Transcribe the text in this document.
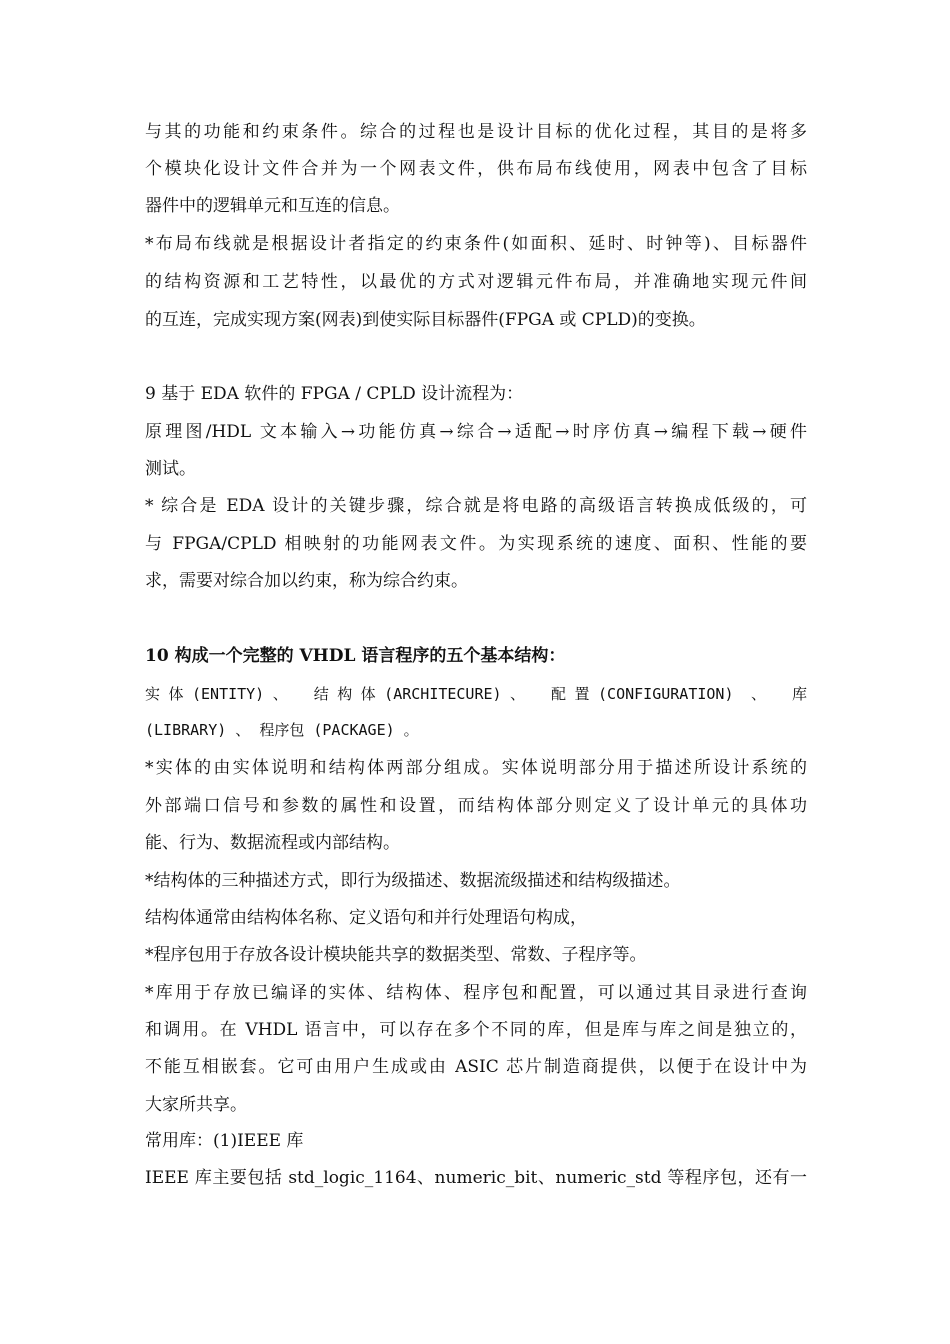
与其的功能和约束条件。综合的过程也是设计目标的优化过程，其目的是将多
个模块化设计文件合并为一个网表文件，供布局布线使用，网表中包含了目标
器件中的逻辑单元和互连的信息。
*布局布线就是根据设计者指定的约束条件(如面积、延时、时钟等)、目标器件
的结构资源和工艺特性，以最优的方式对逻辑元件布局，并准确地实现元件间
的互连，完成实现方案(网表)到使实际目标器件(FPGA 或 CPLD)的变换。
9 基于 EDA 软件的 FPGA / CPLD 设计流程为：
原理图/HDL 文本输入→功能仿真→综合→适配→时序仿真→编程下载→硬件
测试。
* 综合是 EDA 设计的关键步骤，综合就是将电路的高级语言转换成低级的，可
与 FPGA/CPLD 相映射的功能网表文件。为实现系统的速度、面积、性能的要
求，需要对综合加以约束，称为综合约束。
10 构成一个完整的 VHDL 语言程序的五个基本结构：
实体(ENTITY)、 结构体(ARCHITECURE)、 配置(CONFIGURATION) 、 库
(LIBRARY) 、 程序包 (PACKAGE) 。
*实体的由实体说明和结构体两部分组成。实体说明部分用于描述所设计系统的
外部端口信号和参数的属性和设置，而结构体部分则定义了设计单元的具体功
能、行为、数据流程或内部结构。
*结构体的三种描述方式，即行为级描述、数据流级描述和结构级描述。
结构体通常由结构体名称、定义语句和并行处理语句构成，
*程序包用于存放各设计模块能共享的数据类型、常数、子程序等。
*库用于存放已编译的实体、结构体、程序包和配置，可以通过其目录进行查询
和调用。在 VHDL 语言中，可以存在多个不同的库，但是库与库之间是独立的，
不能互相嵌套。它可由用户生成或由 ASIC 芯片制造商提供，以便于在设计中为
大家所共享。
常用库：(1)IEEE 库
IEEE 库主要包括 std_logic_1164、numeric_bit、numeric_std 等程序包，还有一
